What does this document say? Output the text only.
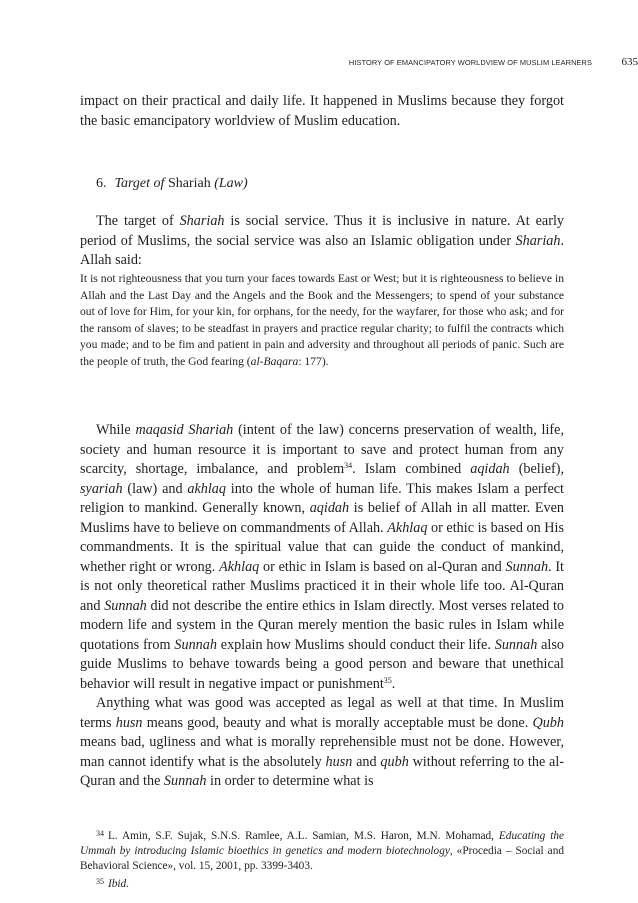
HISTORY OF EMANCIPATORY WORLDVIEW OF MUSLIM LEARNERS	635

impact on their practical and daily life. It happened in Muslims because they forgot the basic emancipatory worldview of Muslim education.

6. Target of Shariah (Law)

The target of Shariah is social service. Thus it is inclusive in nature. At early period of Muslims, the social service was also an Islamic obligation under Shariah. Allah said:

It is not righteousness that you turn your faces towards East or West; but it is righteousness to believe in Allah and the Last Day and the Angels and the Book and the Messengers; to spend of your substance out of love for Him, for your kin, for orphans, for the needy, for the wayfarer, for those who ask; and for the ransom of slaves; to be steadfast in prayers and practice regular charity; to fulfil the contracts which you made; and to be fim and patient in pain and adversity and throughout all periods of panic. Such are the people of truth, the God fearing (al-Baqara: 177).

While maqasid Shariah (intent of the law) concerns preservation of wealth, life, society and human resource it is important to save and protect human from any scarcity, shortage, imbalance, and problem$^{34}$. Islam combined aqidah (belief), syariah (law) and akhlaq into the whole of human life. This makes Islam a perfect religion to mankind. Generally known, aqidah is belief of Allah in all matter. Even Muslims have to believe on commandments of Allah. Akhlaq or ethic is based on His commandments. It is the spiritual value that can guide the conduct of mankind, whether right or wrong. Akhlaq or ethic in Islam is based on al-Quran and Sunnah. It is not only theoretical rather Muslims practiced it in their whole life too. Al-Quran and Sunnah did not describe the entire ethics in Islam directly. Most verses related to modern life and system in the Quran merely mention the basic rules in Islam while quotations from Sunnah explain how Muslims should conduct their life. Sunnah also guide Muslims to behave towards being a good person and beware that unethical behavior will result in negative impact or punishment$^{35}$.

Anything what was good was accepted as legal as well at that time. In Muslim terms husn means good, beauty and what is morally acceptable must be done. Qubh means bad, ugliness and what is morally reprehensible must not be done. However, man cannot identify what is the absolutely husn and qubh without referring to the al-Quran and the Sunnah in order to determine what is

$^{34}$ L. Amin, S.F. Sujak, S.N.S. Ramlee, A.L. Samian, M.S. Haron, M.N. Mohamad, Educating the Ummah by introducing Islamic bioethics in genetics and modern biotechnology, «Procedia – Social and Behavioral Science», vol. 15, 2001, pp. 3399-3403.

$^{35}$ Ibid.
